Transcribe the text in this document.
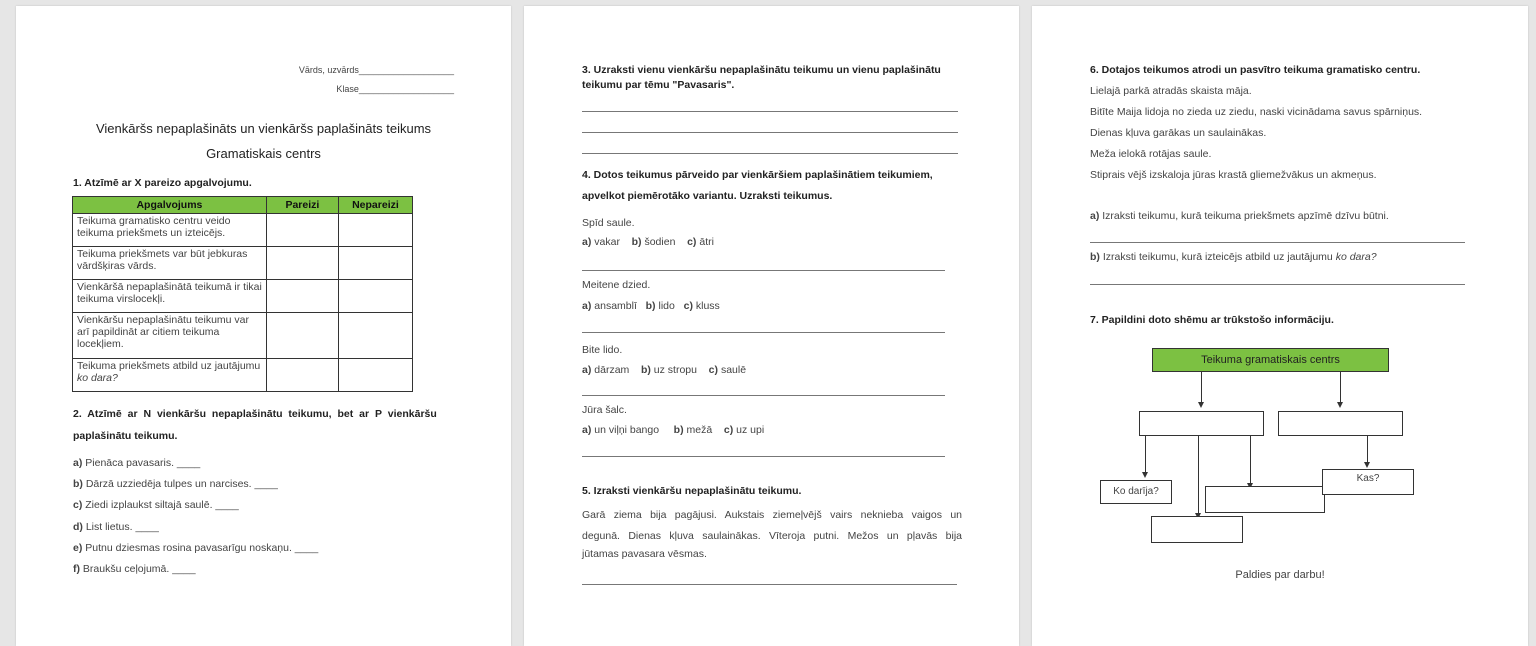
Vārds, uzvārds___________________
Klase___________________
Vienkāršs nepaplašināts un vienkāršs paplašināts teikums
Gramatiskais centrs
1. Atzīmē ar X pareizo apgalvojumu.
Apgalvojums	Pareizi	Nepareizi
Teikuma gramatisko centru veido teikuma priekšmets un izteicējs.		
Teikuma priekšmets var būt jebkuras vārdšķiras vārds.		
Vienkāršā nepaplašinātā teikumā ir tikai teikuma virslocekļi.		
Vienkāršu nepaplašinātu teikumu var arī papildināt ar citiem teikuma locekļiem.		
Teikuma priekšmets atbild uz jautājumu ko dara?		
2. Atzīmē ar N vienkāršu nepaplašinātu teikumu, bet ar P vienkāršu
paplašinātu teikumu.
a) Pienāca pavasaris. ____
b) Dārzā uzziedēja tulpes un narcises. ____
c) Ziedi izplaukst siltajā saulē. ____
d) List lietus. ____
e) Putnu dziesmas rosina pavasarīgu noskaņu. ____
f) Braukšu ceļojumā. ____
3. Uzraksti vienu vienkāršu nepaplašinātu teikumu un vienu paplašinātu
teikumu par tēmu "Pavasaris".
4. Dotos teikumus pārveido par vienkāršiem paplašinātiem teikumiem,
apvelkot piemērotāko variantu. Uzraksti teikumus.
Spīd saule.
a) vakar b) šodien c) ātri
Meitene dzied.
a) ansamblī b) lido c) kluss
Bite lido.
a) dārzam b) uz stropu c) saulē
Jūra šalc.
a) un viļņi bango b) mežā c) uz upi
5. Izraksti vienkāršu nepaplašinātu teikumu.
Garā ziema bija pagājusi. Aukstais ziemeļvējš vairs neknieba vaigos un
degunā. Dienas kļuva saulainākas. Vīteroja putni. Mežos un pļavās bija
jūtamas pavasara vēsmas.
6. Dotajos teikumos atrodi un pasvītro teikuma gramatisko centru.
Lielajā parkā atradās skaista māja.
Bitīte Maija lidoja no zieda uz ziedu, naski vicinādama savus spārniņus.
Dienas kļuva garākas un saulainākas.
Meža ielokā rotājas saule.
Stiprais vējš izskaloja jūras krastā gliemežvākus un akmeņus.
a) Izraksti teikumu, kurā teikuma priekšmets apzīmē dzīvu būtni.
b) Izraksti teikumu, kurā izteicējs atbild uz jautājumu ko dara?
7. Papildini doto shēmu ar trūkstošo informāciju.
Teikuma gramatiskais centrs
Ko darīja?
Kas?
Paldies par darbu!
